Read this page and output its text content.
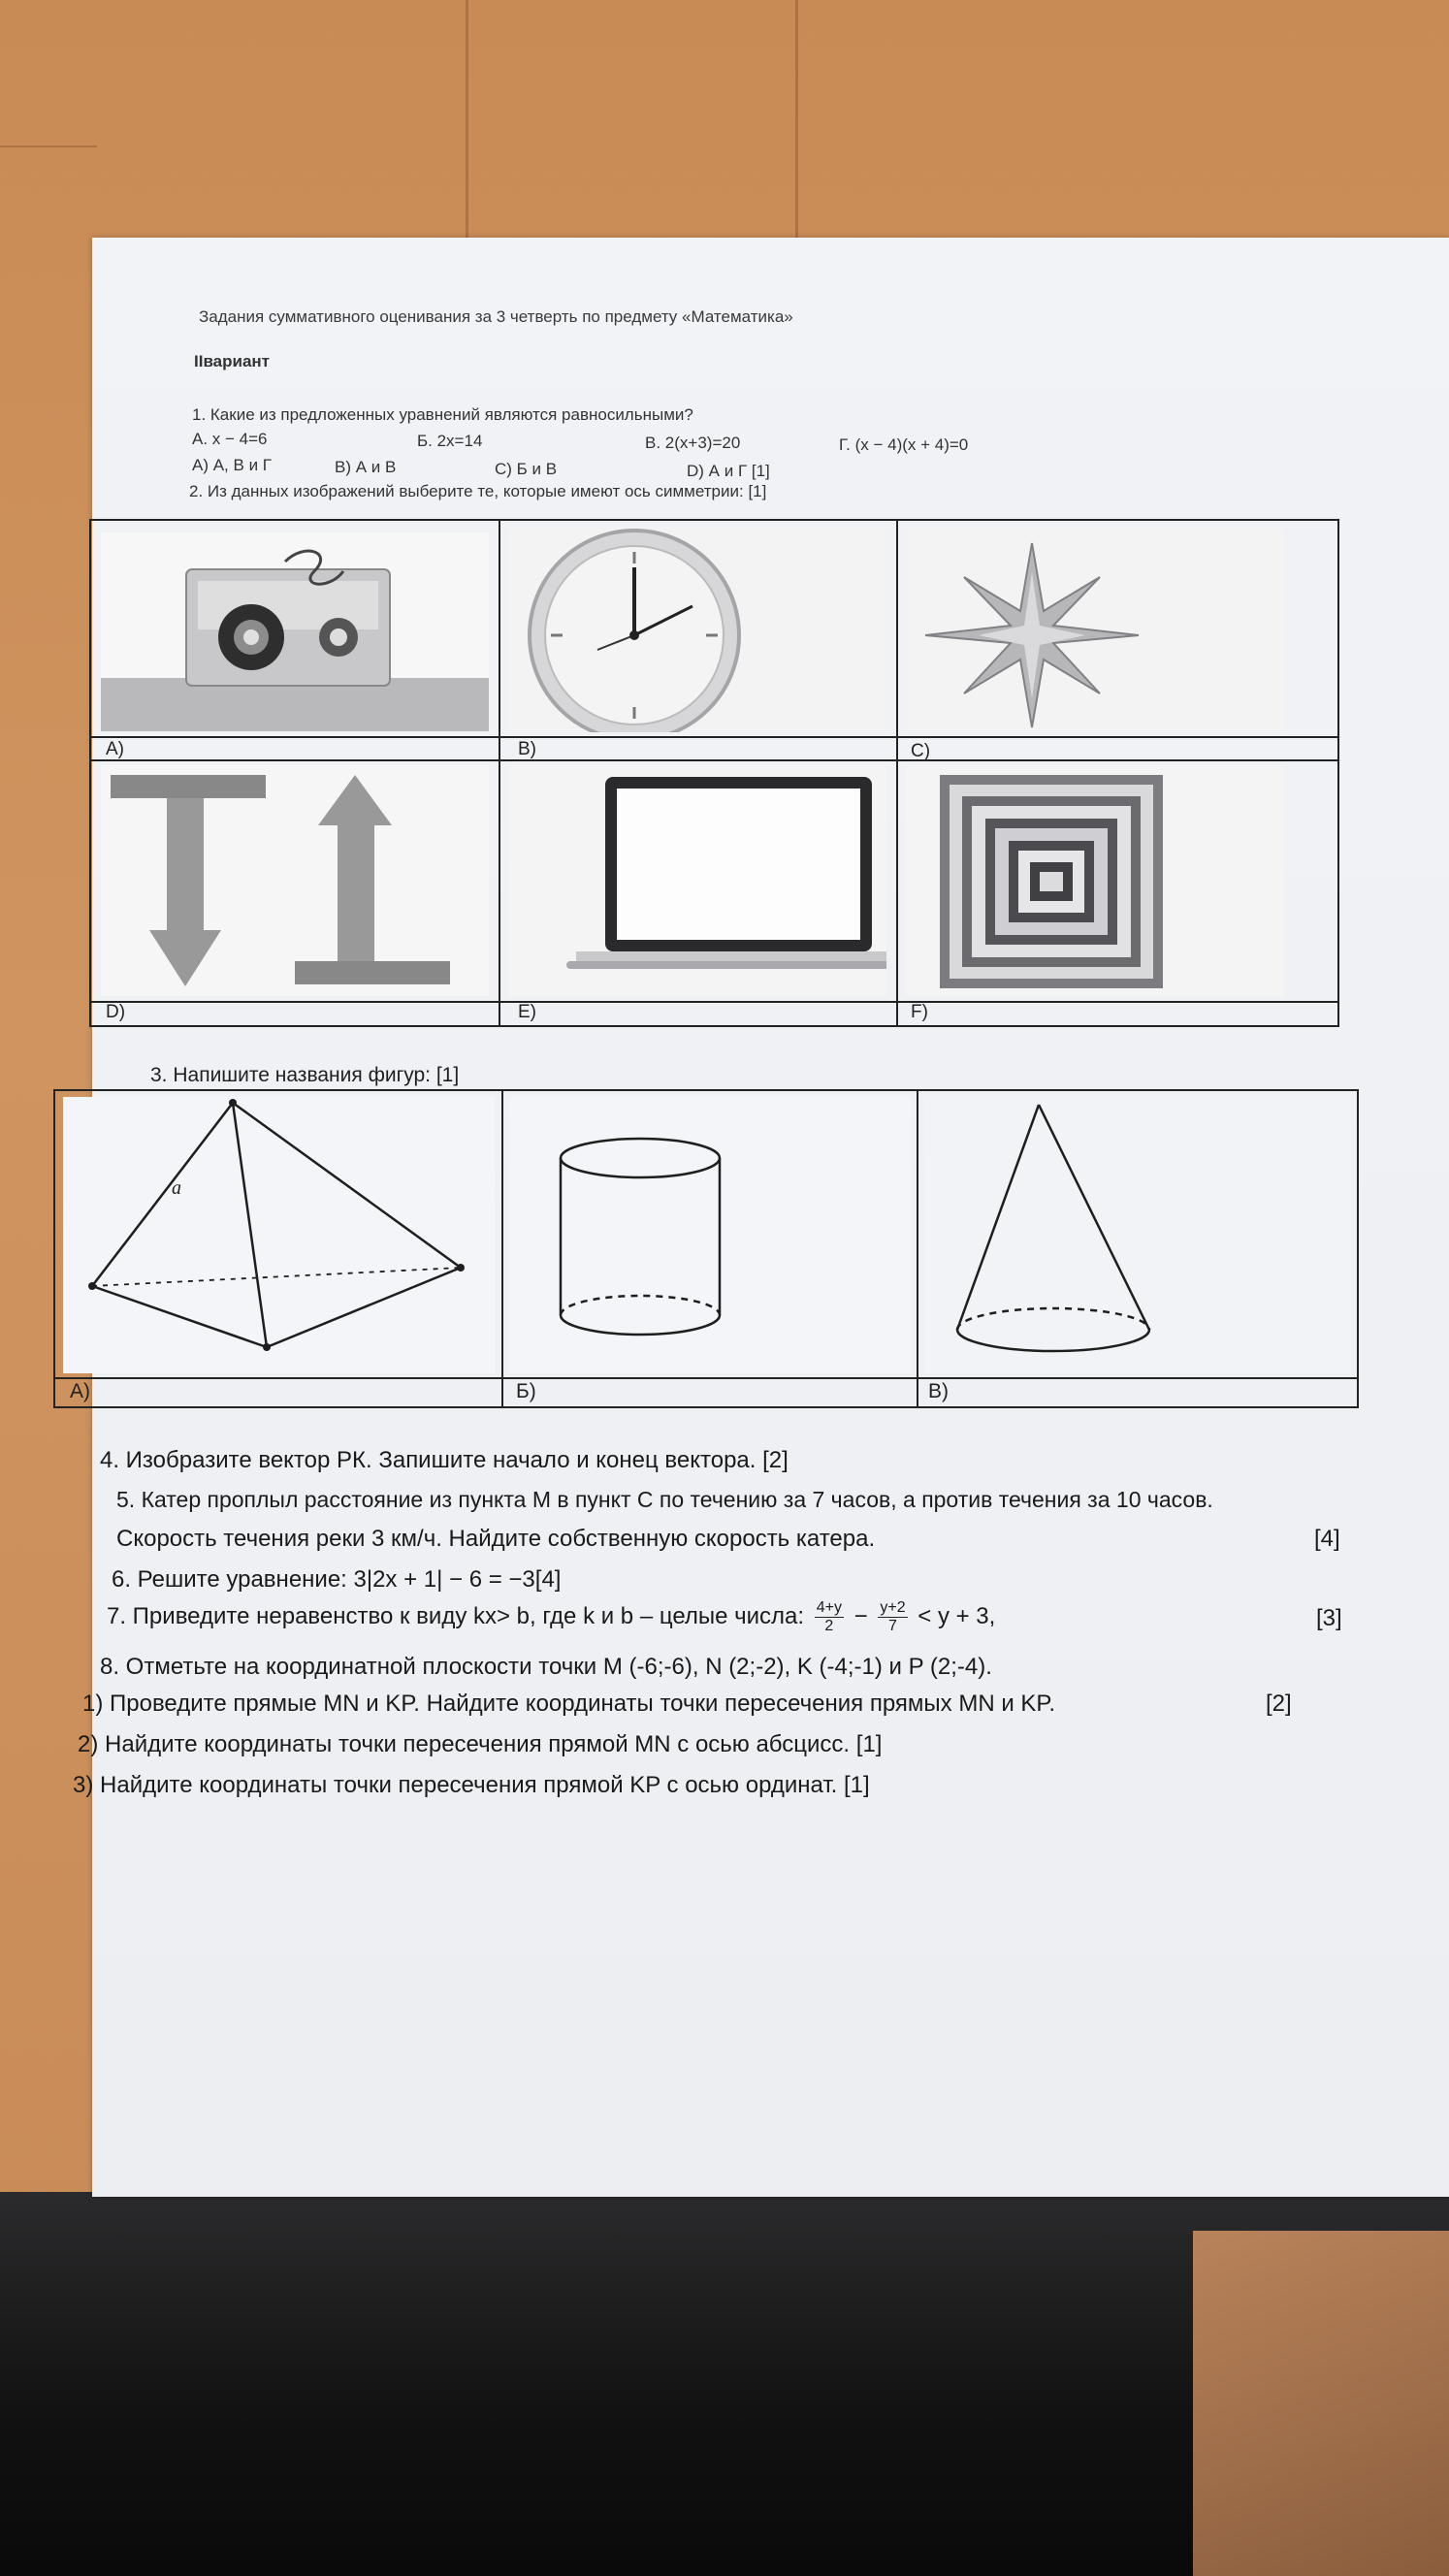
Задания суммативного оценивания за 3 четверть по предмету «Математика»
IIвариант
1. Какие из предложенных уравнений являются равносильными?
А. x − 4=6	Б. 2x=14	В. 2(x+3)=20	Г. (x − 4)(x + 4)=0
А) А, В и Г	В) А и В	С) Б и В	D) А и Г [1]
2. Из данных изображений выберите те, которые имеют ось симметрии: [1]
A)	B)	C)
D)	E)	F)
3. Напишите названия фигур: [1]
a
A)	Б)	В)
4. Изобразите вектор РК. Запишите начало и конец вектора. [2]
5. Катер проплыл расстояние из пункта М в пункт С по течению за 7 часов, а против течения за 10 часов.
Скорость течения реки 3 км/ч. Найдите собственную скорость катера.	[4]
6. Решите уравнение: 3|2x + 1| − 6 = −3[4]
7. Приведите неравенство к виду kx> b, где k и b – целые числа: $\frac{4+y}{2} - \frac{y+2}{7} < y + 3$,	[3]
8. Отметьте на координатной плоскости точки M (-6;-6), N (2;-2), K (-4;-1) и P (2;-4).
1) Проведите прямые MN и KP. Найдите координаты точки пересечения прямых MN и KP.	[2]
2) Найдите координаты точки пересечения прямой MN с осью абсцисс. [1]
3) Найдите координаты точки пересечения прямой KP с осью ординат. [1]
